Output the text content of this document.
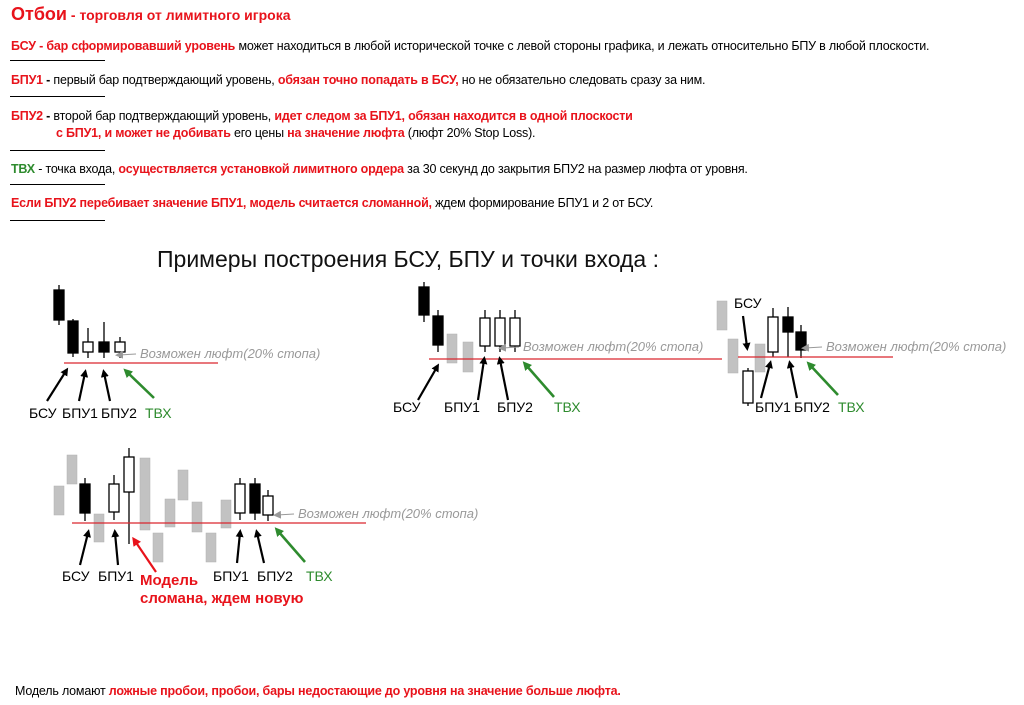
Отбои - торговля от лимитного игрока
БСУ - бар сформировавший уровень может находиться в любой исторической точке с левой стороны графика, и лежать относительно БПУ в любой плоскости.
БПУ1 - первый бар подтверждающий уровень, обязан точно попадать в БСУ, но не обязательно следовать сразу за ним.
БПУ2 - второй бар подтверждающий уровень, идет следом за БПУ1, обязан находится в одной плоскости
с БПУ1, и может не добивать его цены на значение люфта (люфт 20% Stop Loss).
ТВХ - точка входа, осуществляется установкой лимитного ордера за 30 секунд до закрытия БПУ2 на размер люфта от уровня.
Если БПУ2 перебивает значение БПУ1, модель считается сломанной, ждем формирование БПУ1 и 2 от БСУ.
Примеры построения БСУ, БПУ и точки входа :
Возможен люфт(20% стопа)
БСУ БПУ1 БПУ2 ТВХ
Возможен люфт(20% стопа)
БСУ БПУ1 БПУ2 ТВХ
Возможен люфт(20% стопа)
БСУ
БПУ1 БПУ2 ТВХ
Возможен люфт(20% стопа)
БСУ БПУ1	БПУ1 БПУ2 ТВХ
Модель
сломана, ждем новую
Модель ломают ложные пробои, пробои, бары недостающие до уровня на значение больше люфта.
